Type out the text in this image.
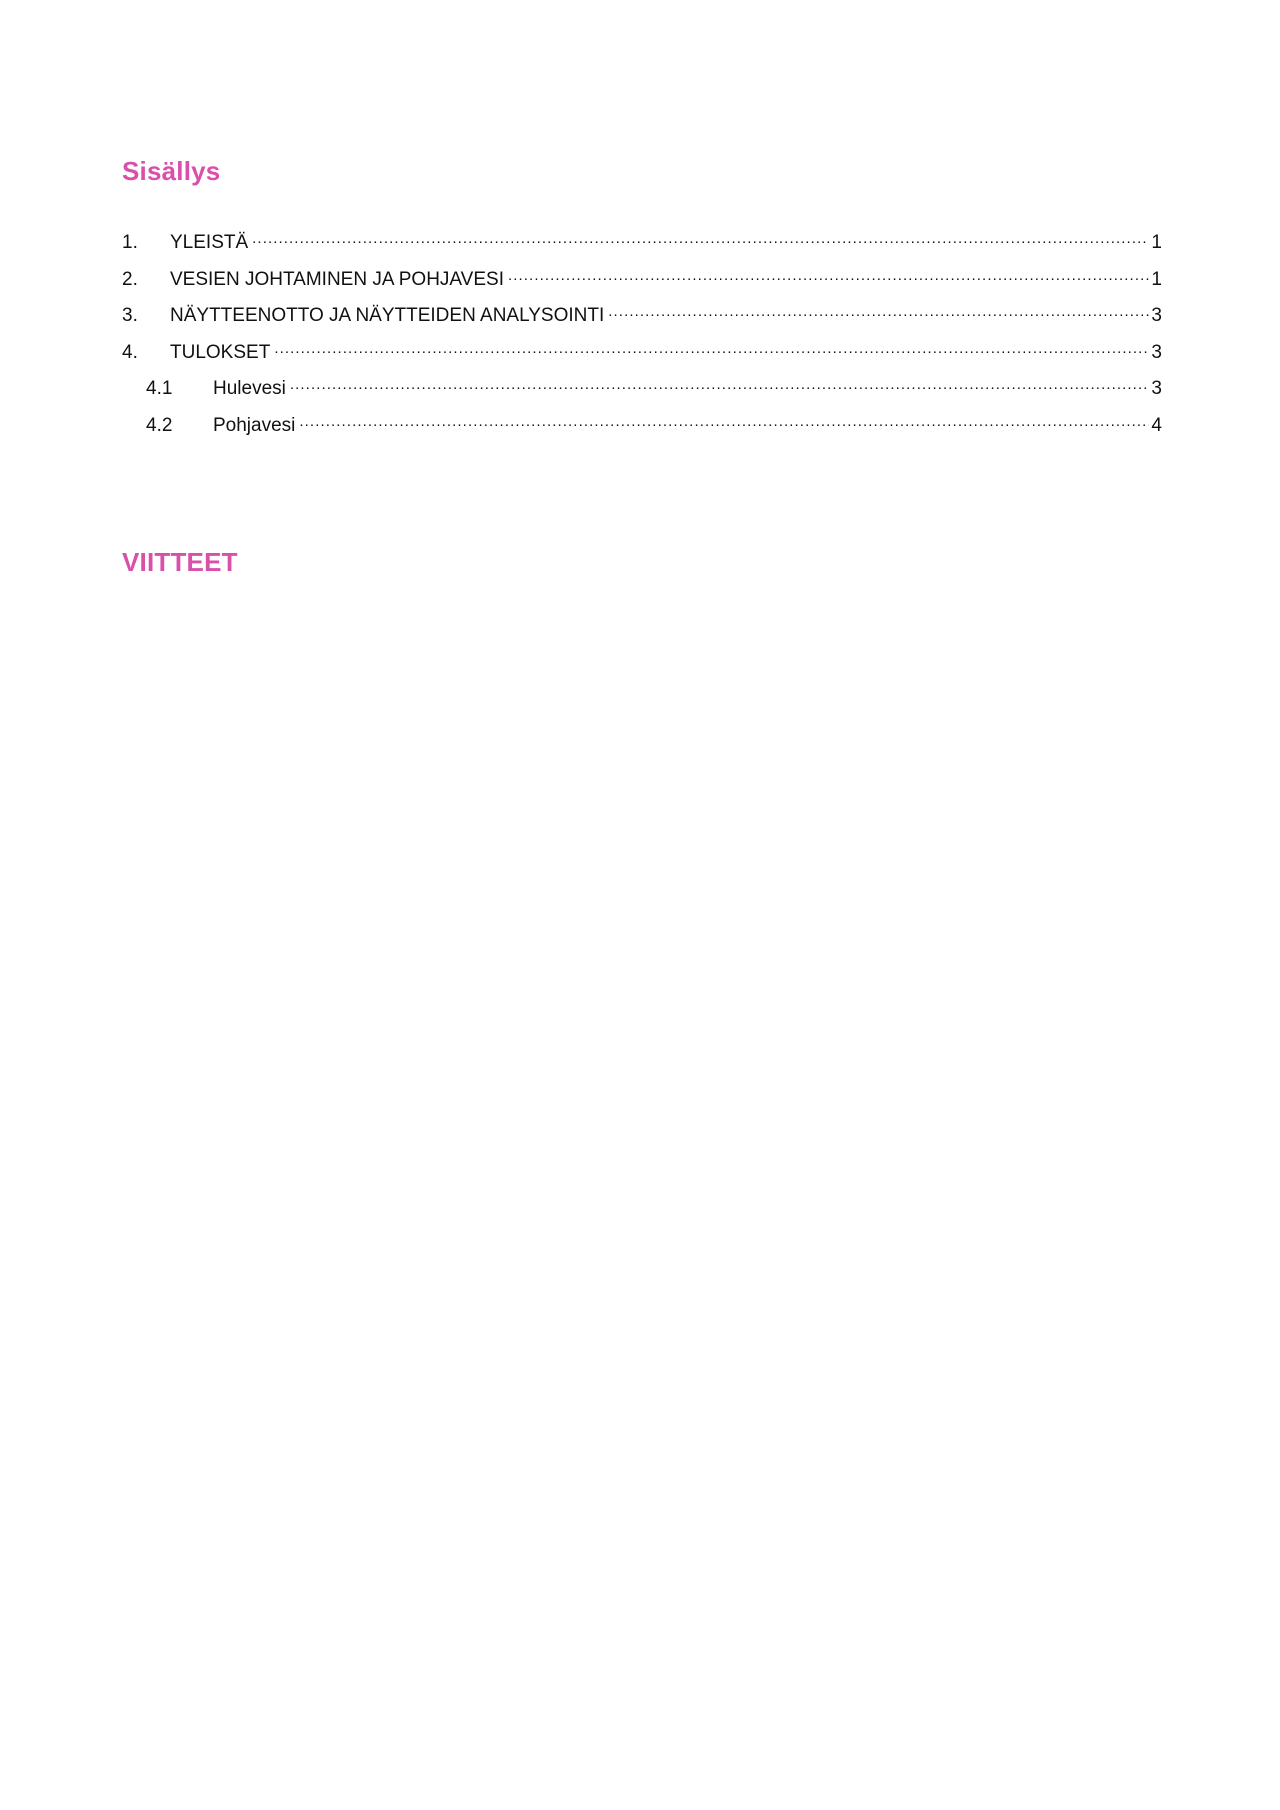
Sisällys
1.	YLEISTÄ .....	1
2.	VESIEN JOHTAMINEN JA POHJAVESI .....	1
3.	NÄYTTEENOTTO JA NÄYTTEIDEN ANALYSOINTI .....	3
4.	TULOKSET .....	3
4.1	Hulevesi .....	3
4.2	Pohjavesi .....	4
VIITTEET
